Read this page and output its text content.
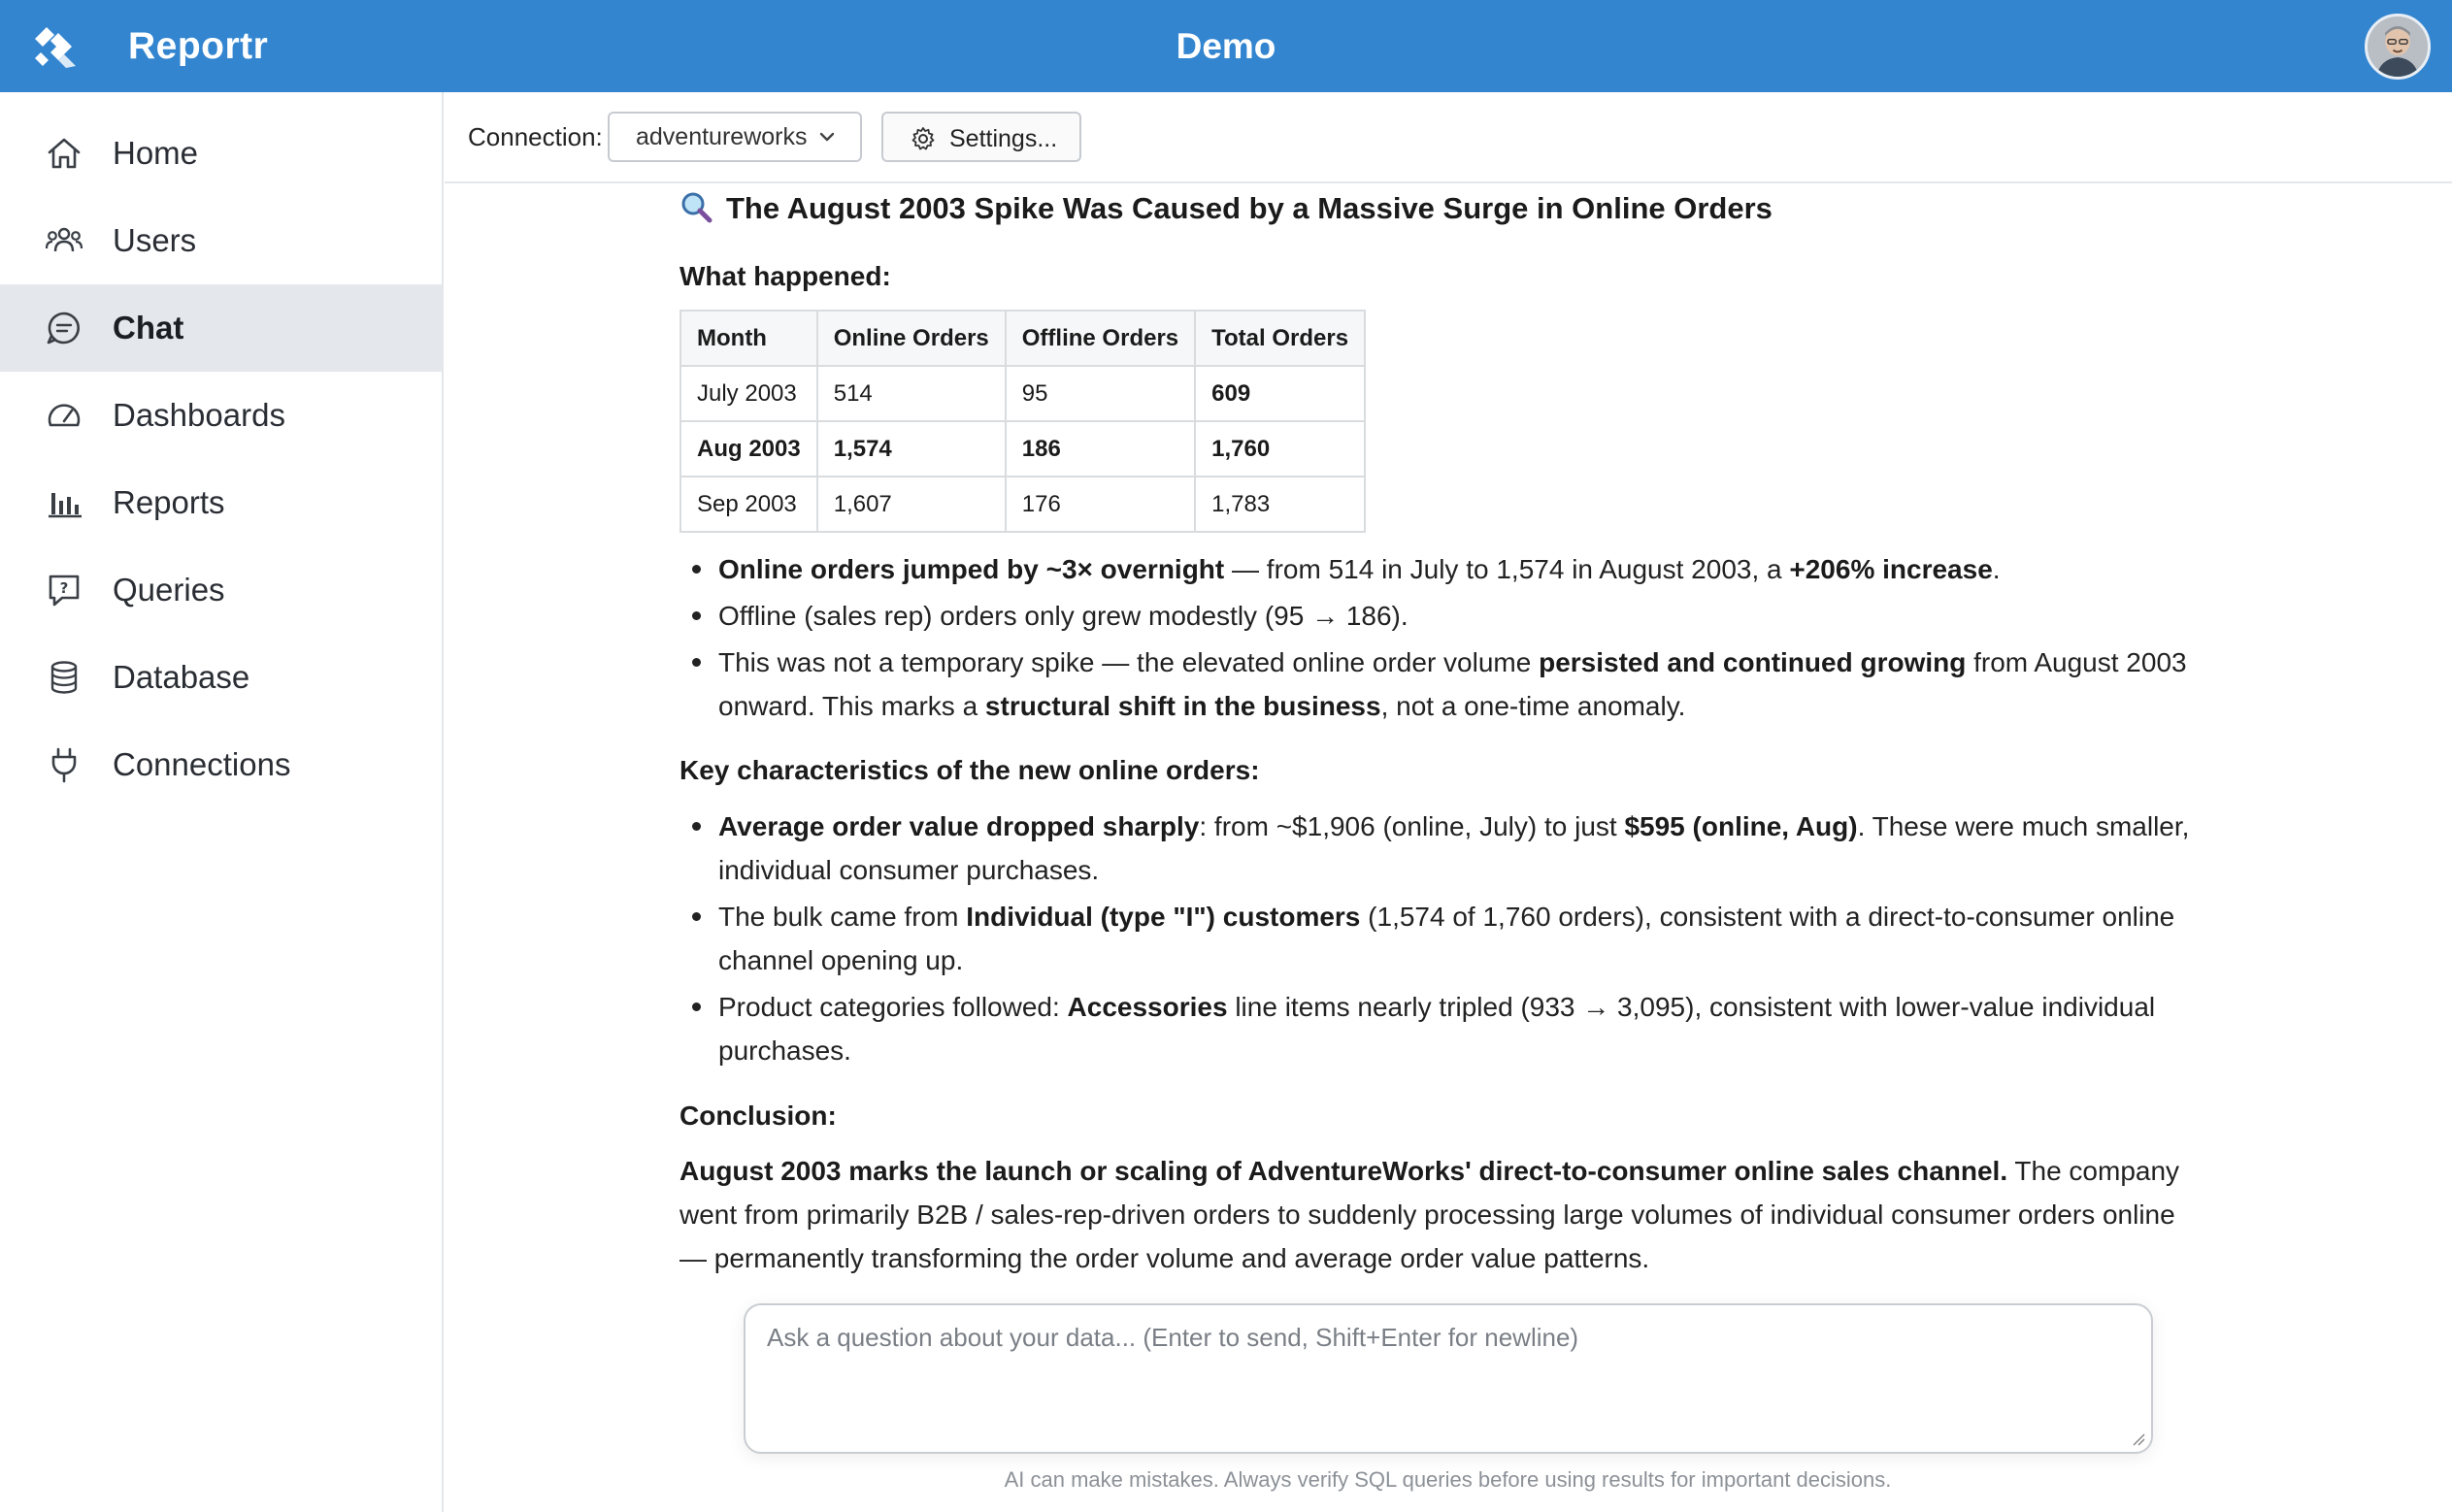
Reportr	Demo
Home
Users
Chat
Dashboards
Reports
? Queries
Database
Connections
Connection: adventureworks	Settings...
The August 2003 Spike Was Caused by a Massive Surge in Online Orders
What happened:
Month	Online Orders	Offline Orders	Total Orders
July 2003	514	95	609
Aug 2003	1,574	186	1,760
Sep 2003	1,607	176	1,783
Online orders jumped by ~3× overnight — from 514 in July to 1,574 in August 2003, a +206% increase.
Offline (sales rep) orders only grew modestly (95 → 186).
This was not a temporary spike — the elevated online order volume persisted and continued growing from August 2003 onward. This marks a structural shift in the business, not a one-time anomaly.
Key characteristics of the new online orders:
Average order value dropped sharply: from ~$1,906 (online, July) to just $595 (online, Aug). These were much smaller, individual consumer purchases.
The bulk came from Individual (type "I") customers (1,574 of 1,760 orders), consistent with a direct-to-consumer online channel opening up.
Product categories followed: Accessories line items nearly tripled (933 → 3,095), consistent with lower-value individual purchases.
Conclusion:

August 2003 marks the launch or scaling of AdventureWorks' direct-to-consumer online sales channel. The company went from primarily B2B / sales-rep-driven orders to suddenly processing large volumes of individual consumer orders online — permanently transforming the order volume and average order value patterns.

Ask a question about your data... (Enter to send, Shift+Enter for newline)
AI can make mistakes. Always verify SQL queries before using results for important decisions.
